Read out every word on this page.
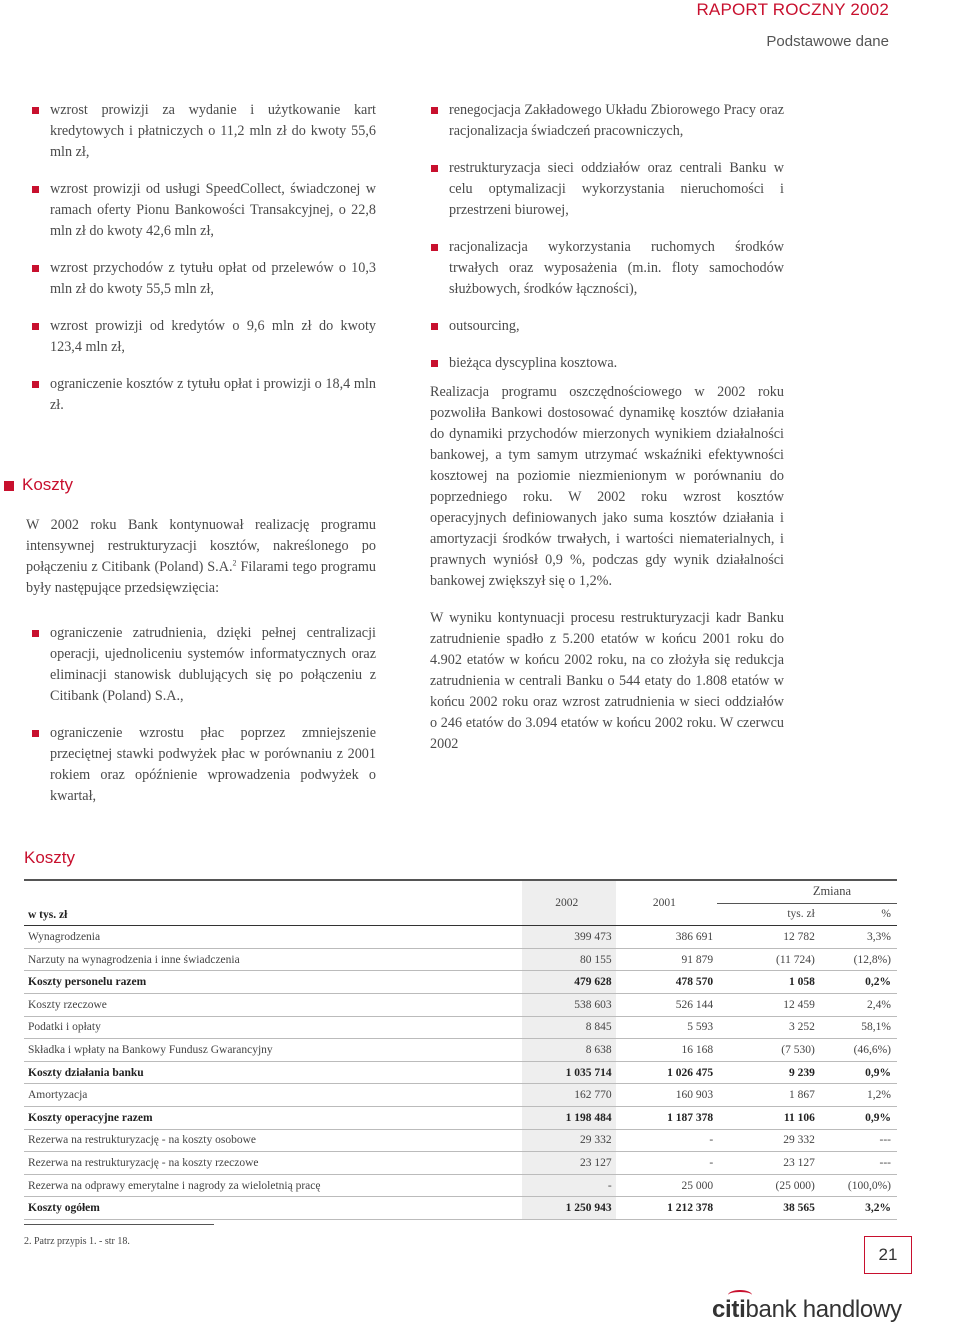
RAPORT ROCZNY 2002
Podstawowe dane
wzrost prowizji za wydanie i użytkowanie kart kredytowych i płatniczych o 11,2 mln zł do kwoty 55,6 mln zł,
wzrost prowizji od usługi SpeedCollect, świadczonej w ramach oferty Pionu Bankowości Transakcyjnej, o 22,8 mln zł do kwoty 42,6 mln zł,
wzrost przychodów z tytułu opłat od przelewów o 10,3 mln zł do kwoty 55,5 mln zł,
wzrost prowizji od kredytów o 9,6 mln zł do kwoty 123,4 mln zł,
ograniczenie kosztów z tytułu opłat i prowizji o 18,4 mln zł.
Koszty
W 2002 roku Bank kontynuował realizację programu intensywnej restrukturyzacji kosztów, nakreślonego po połączeniu z Citibank (Poland) S.A.$^2$ Filarami tego programu były następujące przedsięwzięcia:
ograniczenie zatrudnienia, dzięki pełnej centralizacji operacji, ujednoliceniu systemów informatycznych oraz eliminacji stanowisk dublujących się po połączeniu z Citibank (Poland) S.A.,
ograniczenie wzrostu płac poprzez zmniejszenie przeciętnej stawki podwyżek płac w porównaniu z 2001 rokiem oraz opóźnienie wprowadzenia podwyżek o kwartał,
renegocjacja Zakładowego Układu Zbiorowego Pracy oraz racjonalizacja świadczeń pracowniczych,
restrukturyzacja sieci oddziałów oraz centrali Banku w celu optymalizacji wykorzystania nieruchomości i przestrzeni biurowej,
racjonalizacja wykorzystania ruchomych środków trwałych oraz wyposażenia (m.in. floty samochodów służbowych, środków łączności),
outsourcing,
bieżąca dyscyplina kosztowa.
Realizacja programu oszczędnościowego w 2002 roku pozwoliła Bankowi dostosować dynamikę kosztów działania do dynamiki przychodów mierzonych wynikiem działalności bankowej, a tym samym utrzymać wskaźniki efektywności kosztowej na poziomie niezmienionym w porównaniu do poprzedniego roku. W 2002 roku wzrost kosztów operacyjnych definiowanych jako suma kosztów działania i amortyzacji środków trwałych, i wartości niematerialnych, i prawnych wyniósł 0,9 %, podczas gdy wynik działalności bankowej zwiększył się o 1,2%.
W wyniku kontynuacji procesu restrukturyzacji kadr Banku zatrudnienie spadło z 5.200 etatów w końcu 2001 roku do 4.902 etatów w końcu 2002 roku, na co złożyła się redukcja zatrudnienia w centrali Banku o 544 etaty do 1.808 etatów w końcu 2002 roku oraz wzrost zatrudnienia w sieci oddziałów o 246 etatów do 3.094 etatów w końcu 2002 roku. W czerwcu 2002
Koszty
w tys. zł	2002	2001	Zmiana	
			tys. zł	%
Wynagrodzenia	399 473	386 691	12 782	3,3%
Narzuty na wynagrodzenia i inne świadczenia	80 155	91 879	(11 724)	(12,8%)
Koszty personelu razem	479 628	478 570	1 058	0,2%
Koszty rzeczowe	538 603	526 144	12 459	2,4%
Podatki i opłaty	8 845	5 593	3 252	58,1%
Składka i wpłaty na Bankowy Fundusz Gwarancyjny	8 638	16 168	(7 530)	(46,6%)
Koszty działania banku	1 035 714	1 026 475	9 239	0,9%
Amortyzacja	162 770	160 903	1 867	1,2%
Koszty operacyjne razem	1 198 484	1 187 378	11 106	0,9%
Rezerwa na restrukturyzację - na koszty osobowe	29 332	-	29 332	---
Rezerwa na restrukturyzację - na koszty rzeczowe	23 127	-	23 127	---
Rezerwa na odprawy emerytalne i nagrody za wieloletnią pracę	-	25 000	(25 000)	(100,0%)
Koszty ogółem	1 250 943	1 212 378	38 565	3,2%
2. Patrz przypis 1. - str 18.
21
citibank handlowy
